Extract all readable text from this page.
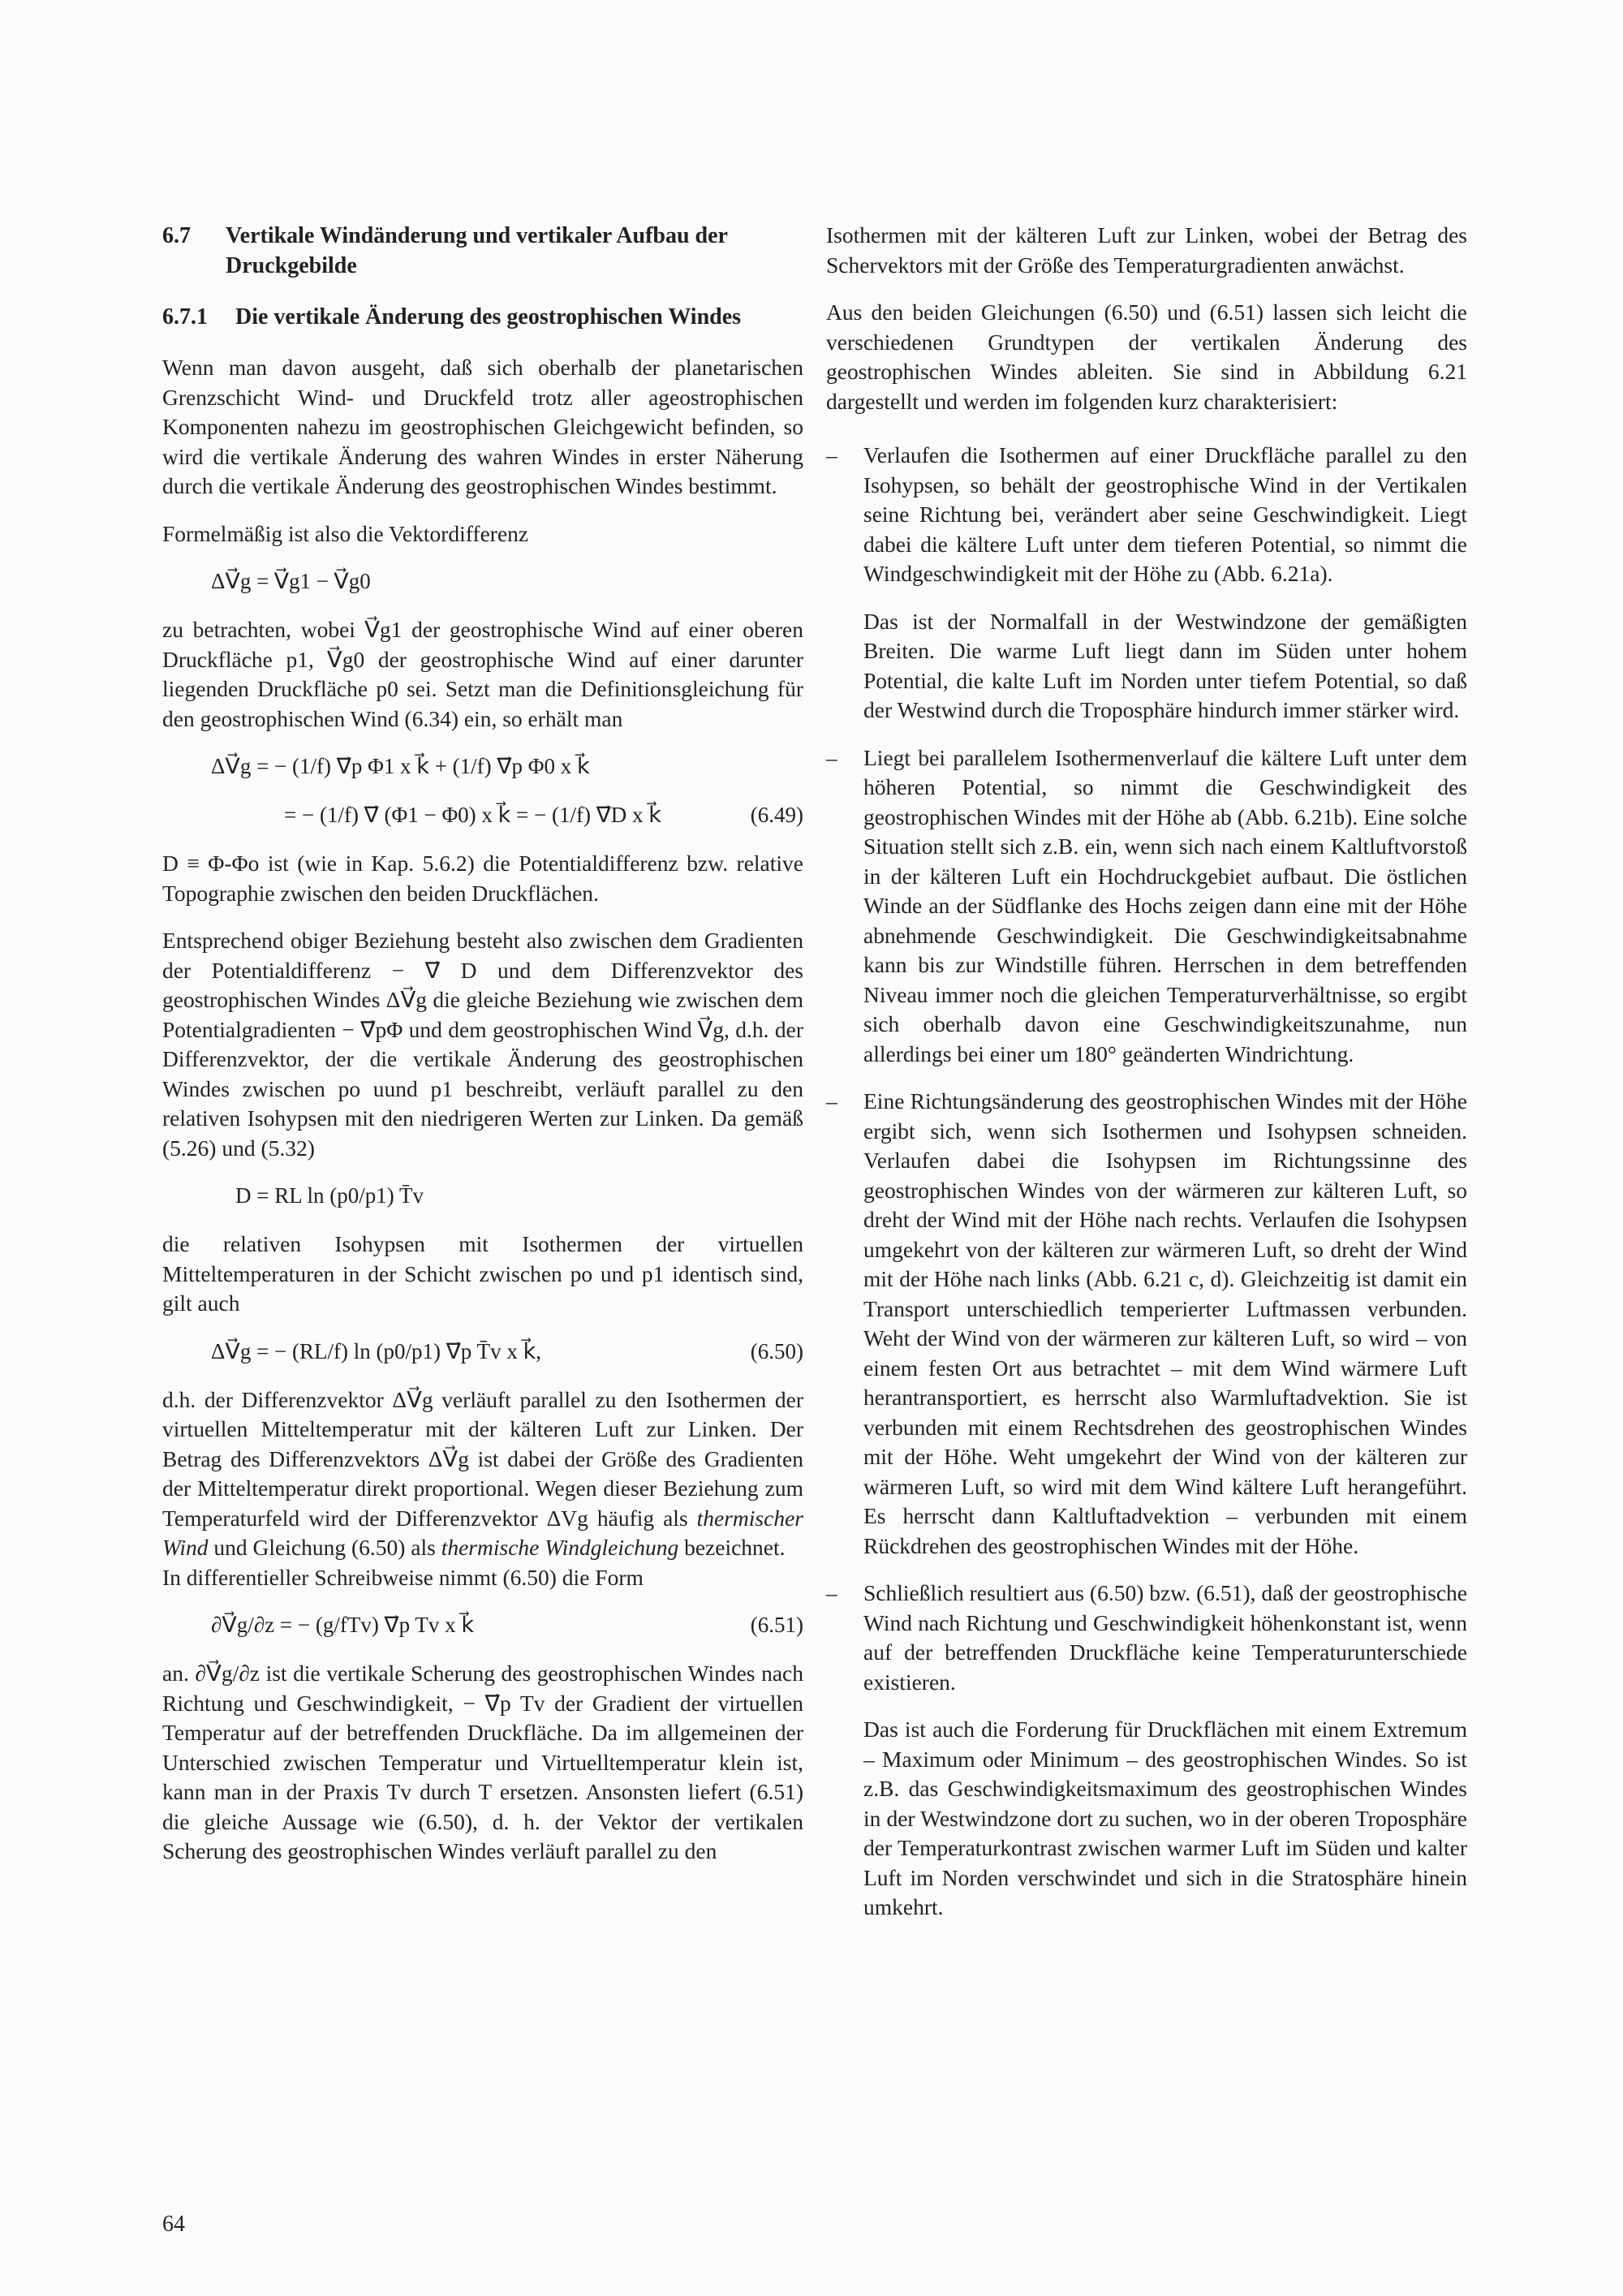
6.7	Vertikale Windänderung und vertikaler Aufbau der Druckgebilde
6.7.1	Die vertikale Änderung des geostrophischen Windes

Wenn man davon ausgeht, daß sich oberhalb der planetarischen Grenzschicht Wind- und Druckfeld trotz aller ageostrophischen Komponenten nahezu im geostrophischen Gleichgewicht befinden, so wird die vertikale Änderung des wahren Windes in erster Näherung durch die vertikale Änderung des geostrophischen Windes bestimmt.

Formelmäßig ist also die Vektordifferenz

ΔV⃗g = V⃗g1 − V⃗g0

zu betrachten, wobei V⃗g1 der geostrophische Wind auf einer oberen Druckfläche p1, V⃗g0 der geostrophische Wind auf einer darunter liegenden Druckfläche p0 sei. Setzt man die Definitionsgleichung für den geostrophischen Wind (6.34) ein, so erhält man

ΔV⃗g = − (1/f) ∇⃗p Φ1 x k⃗ + (1/f) ∇⃗p Φ0 x k⃗
= − (1/f) ∇⃗ (Φ1 − Φ0) x k⃗ = − (1/f) ∇⃗D x k⃗	(6.49)

D ≡ Φ-Φo ist (wie in Kap. 5.6.2) die Potentialdifferenz bzw. relative Topographie zwischen den beiden Druckflächen.

Entsprechend obiger Beziehung besteht also zwischen dem Gradienten der Potentialdifferenz − ∇⃗ D und dem Differenzvektor des geostrophischen Windes ΔV⃗g die gleiche Beziehung wie zwischen dem Potentialgradienten − ∇⃗pΦ und dem geostrophischen Wind V⃗g, d.h. der Differenzvektor, der die vertikale Änderung des geostrophischen Windes zwischen po uund p1 beschreibt, verläuft parallel zu den relativen Isohypsen mit den niedrigeren Werten zur Linken. Da gemäß (5.26) und (5.32)

D = RL ln (p0/p1) T̄v

die relativen Isohypsen mit Isothermen der virtuellen Mitteltemperaturen in der Schicht zwischen po und p1 identisch sind, gilt auch

ΔV⃗g = − (RL/f) ln (p0/p1) ∇⃗p T̄v x k⃗,	(6.50)

d.h. der Differenzvektor ΔV⃗g verläuft parallel zu den Isothermen der virtuellen Mitteltemperatur mit der kälteren Luft zur Linken. Der Betrag des Differenzvektors ΔV⃗g ist dabei der Größe des Gradienten der Mitteltemperatur direkt proportional. Wegen dieser Beziehung zum Temperaturfeld wird der Differenzvektor ΔVg häufig als thermischer Wind und Gleichung (6.50) als thermische Windgleichung bezeichnet.

In differentieller Schreibweise nimmt (6.50) die Form

∂V⃗g/∂z = − (g/fTv) ∇⃗p Tv x k⃗	(6.51)

an. ∂V⃗g/∂z ist die vertikale Scherung des geostrophischen Windes nach Richtung und Geschwindigkeit, − ∇⃗p Tv der Gradient der virtuellen Temperatur auf der betreffenden Druckfläche. Da im allgemeinen der Unterschied zwischen Temperatur und Virtuelltemperatur klein ist, kann man in der Praxis Tv durch T ersetzen. Ansonsten liefert (6.51) die gleiche Aussage wie (6.50), d. h. der Vektor der vertikalen Scherung des geostrophischen Windes verläuft parallel zu den

Isothermen mit der kälteren Luft zur Linken, wobei der Betrag des Schervektors mit der Größe des Temperaturgradienten anwächst.

Aus den beiden Gleichungen (6.50) und (6.51) lassen sich leicht die verschiedenen Grundtypen der vertikalen Änderung des geostrophischen Windes ableiten. Sie sind in Abbildung 6.21 dargestellt und werden im folgenden kurz charakterisiert:

– Verlaufen die Isothermen auf einer Druckfläche parallel zu den Isohypsen, so behält der geostrophische Wind in der Vertikalen seine Richtung bei, verändert aber seine Geschwindigkeit. Liegt dabei die kältere Luft unter dem tieferen Potential, so nimmt die Windgeschwindigkeit mit der Höhe zu (Abb. 6.21a).

Das ist der Normalfall in der Westwindzone der gemäßigten Breiten. Die warme Luft liegt dann im Süden unter hohem Potential, die kalte Luft im Norden unter tiefem Potential, so daß der Westwind durch die Troposphäre hindurch immer stärker wird.

– Liegt bei parallelem Isothermenverlauf die kältere Luft unter dem höheren Potential, so nimmt die Geschwindigkeit des geostrophischen Windes mit der Höhe ab (Abb. 6.21b). Eine solche Situation stellt sich z.B. ein, wenn sich nach einem Kaltluftvorstoß in der kälteren Luft ein Hochdruckgebiet aufbaut. Die östlichen Winde an der Südflanke des Hochs zeigen dann eine mit der Höhe abnehmende Geschwindigkeit. Die Geschwindigkeitsabnahme kann bis zur Windstille führen. Herrschen in dem betreffenden Niveau immer noch die gleichen Temperaturverhältnisse, so ergibt sich oberhalb davon eine Geschwindigkeitszunahme, nun allerdings bei einer um 180° geänderten Windrichtung.

– Eine Richtungsänderung des geostrophischen Windes mit der Höhe ergibt sich, wenn sich Isothermen und Isohypsen schneiden. Verlaufen dabei die Isohypsen im Richtungssinne des geostrophischen Windes von der wärmeren zur kälteren Luft, so dreht der Wind mit der Höhe nach rechts. Verlaufen die Isohypsen umgekehrt von der kälteren zur wärmeren Luft, so dreht der Wind mit der Höhe nach links (Abb. 6.21 c, d). Gleichzeitig ist damit ein Transport unterschiedlich temperierter Luftmassen verbunden. Weht der Wind von der wärmeren zur kälteren Luft, so wird – von einem festen Ort aus betrachtet – mit dem Wind wärmere Luft herantransportiert, es herrscht also Warmluftadvektion. Sie ist verbunden mit einem Rechtsdrehen des geostrophischen Windes mit der Höhe. Weht umgekehrt der Wind von der kälteren zur wärmeren Luft, so wird mit dem Wind kältere Luft herangeführt. Es herrscht dann Kaltluftadvektion – verbunden mit einem Rückdrehen des geostrophischen Windes mit der Höhe.

– Schließlich resultiert aus (6.50) bzw. (6.51), daß der geostrophische Wind nach Richtung und Geschwindigkeit höhenkonstant ist, wenn auf der betreffenden Druckfläche keine Temperaturunterschiede existieren.

Das ist auch die Forderung für Druckflächen mit einem Extremum – Maximum oder Minimum – des geostrophischen Windes. So ist z.B. das Geschwindigkeitsmaximum des geostrophischen Windes in der Westwindzone dort zu suchen, wo in der oberen Troposphäre der Temperaturkontrast zwischen warmer Luft im Süden und kalter Luft im Norden verschwindet und sich in die Stratosphäre hinein umkehrt.

64
